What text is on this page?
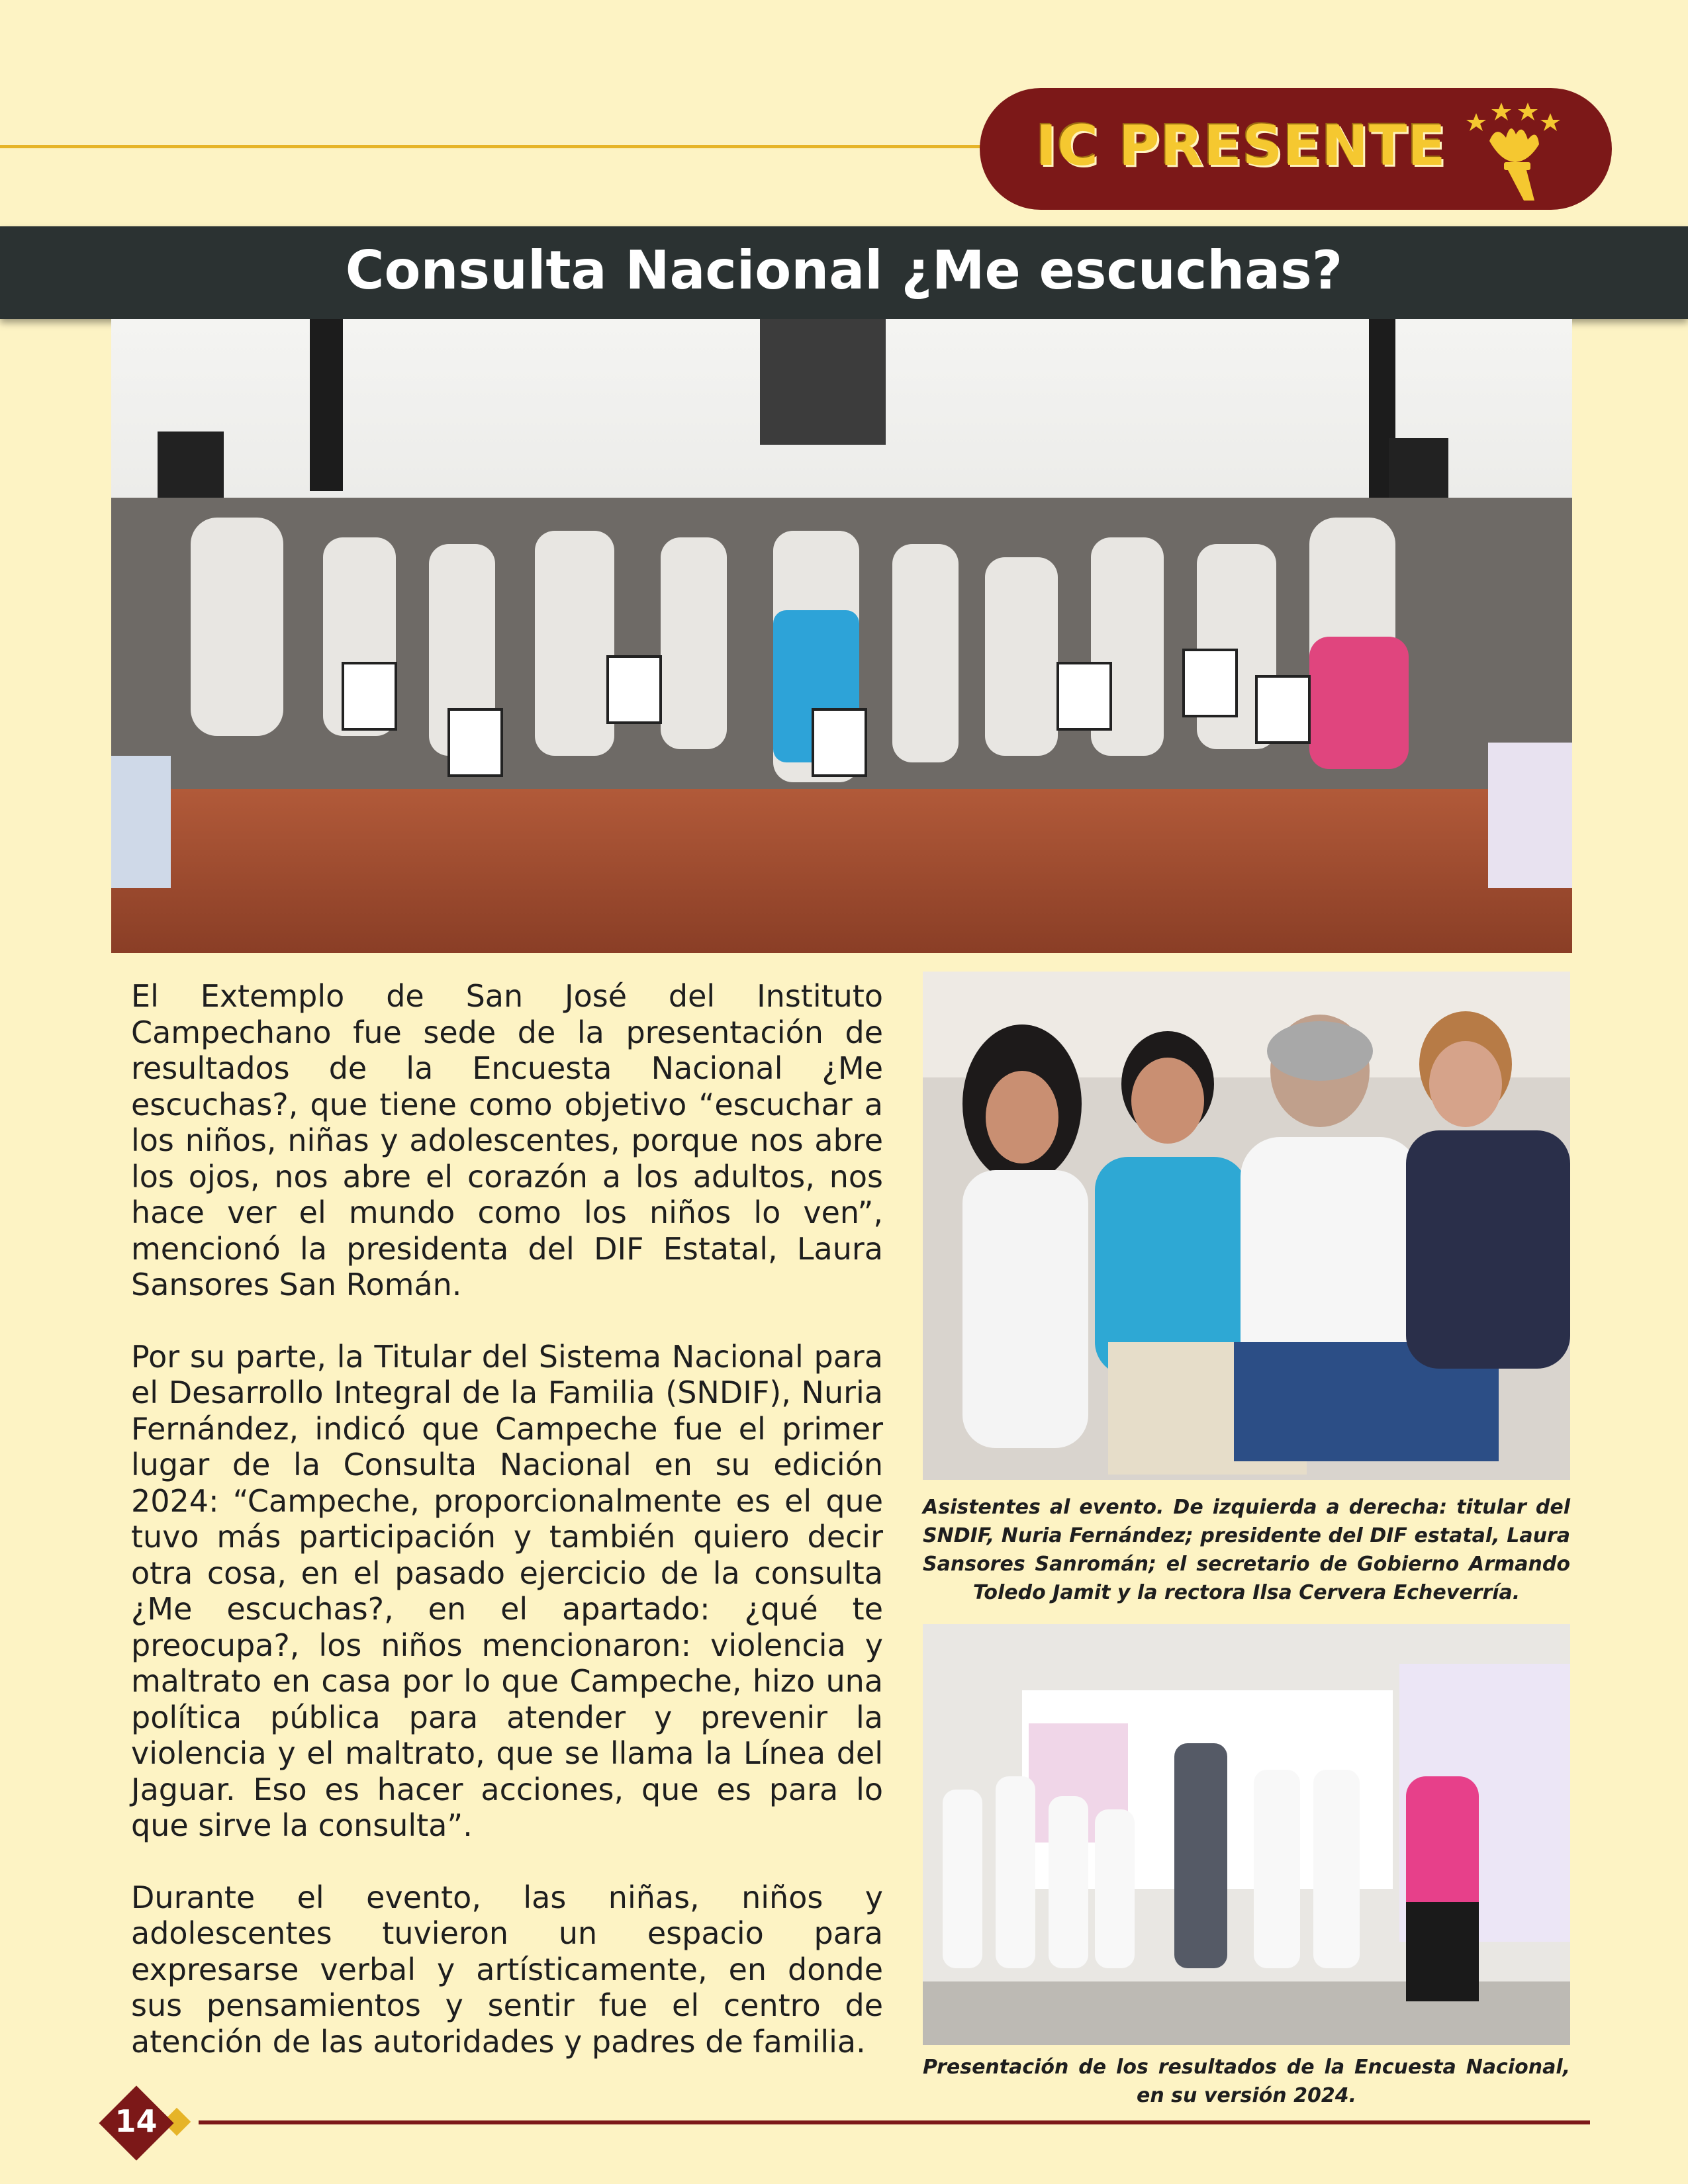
IC PRESENTE
Consulta Nacional ¿Me escuchas?

El Extemplo de San José del Instituto Campechano fue sede de la presentación de resultados de la Encuesta Nacional ¿Me escuchas?, que tiene como objetivo “escuchar a los niños, niñas y adolescentes, porque nos abre los ojos, nos abre el corazón a los adultos, nos hace ver el mundo como los niños lo ven”, mencionó la presidenta del DIF Estatal, Laura Sansores San Román.

Por su parte, la Titular del Sistema Nacional para el Desarrollo Integral de la Familia (SNDIF), Nuria Fernández, indicó que Campeche fue el primer lugar de la Consulta Nacional en su edición 2024: “Campeche, proporcionalmente es el que tuvo más participación y también quiero decir otra cosa, en el pasado ejercicio de la consulta ¿Me escuchas?, en el apartado: ¿qué te preocupa?, los niños mencionaron: violencia y maltrato en casa por lo que Campeche, hizo una política pública para atender y prevenir la violencia y el maltrato, que se llama la Línea del Jaguar. Eso es hacer acciones, que es para lo que sirve la consulta”.

Durante el evento, las niñas, niños y adolescentes tuvieron un espacio para expresarse verbal y artísticamente, en donde sus pensamientos y sentir fue el centro de atención de las autoridades y padres de familia.

Asistentes al evento. De izquierda a derecha: titular del SNDIF, Nuria Fernández; presidente del DIF estatal, Laura Sansores Sanromán; el secretario de Gobierno Armando Toledo Jamit y la rectora Ilsa Cervera Echeverría.
Presentación de los resultados de la Encuesta Nacional, en su versión 2024.
14
